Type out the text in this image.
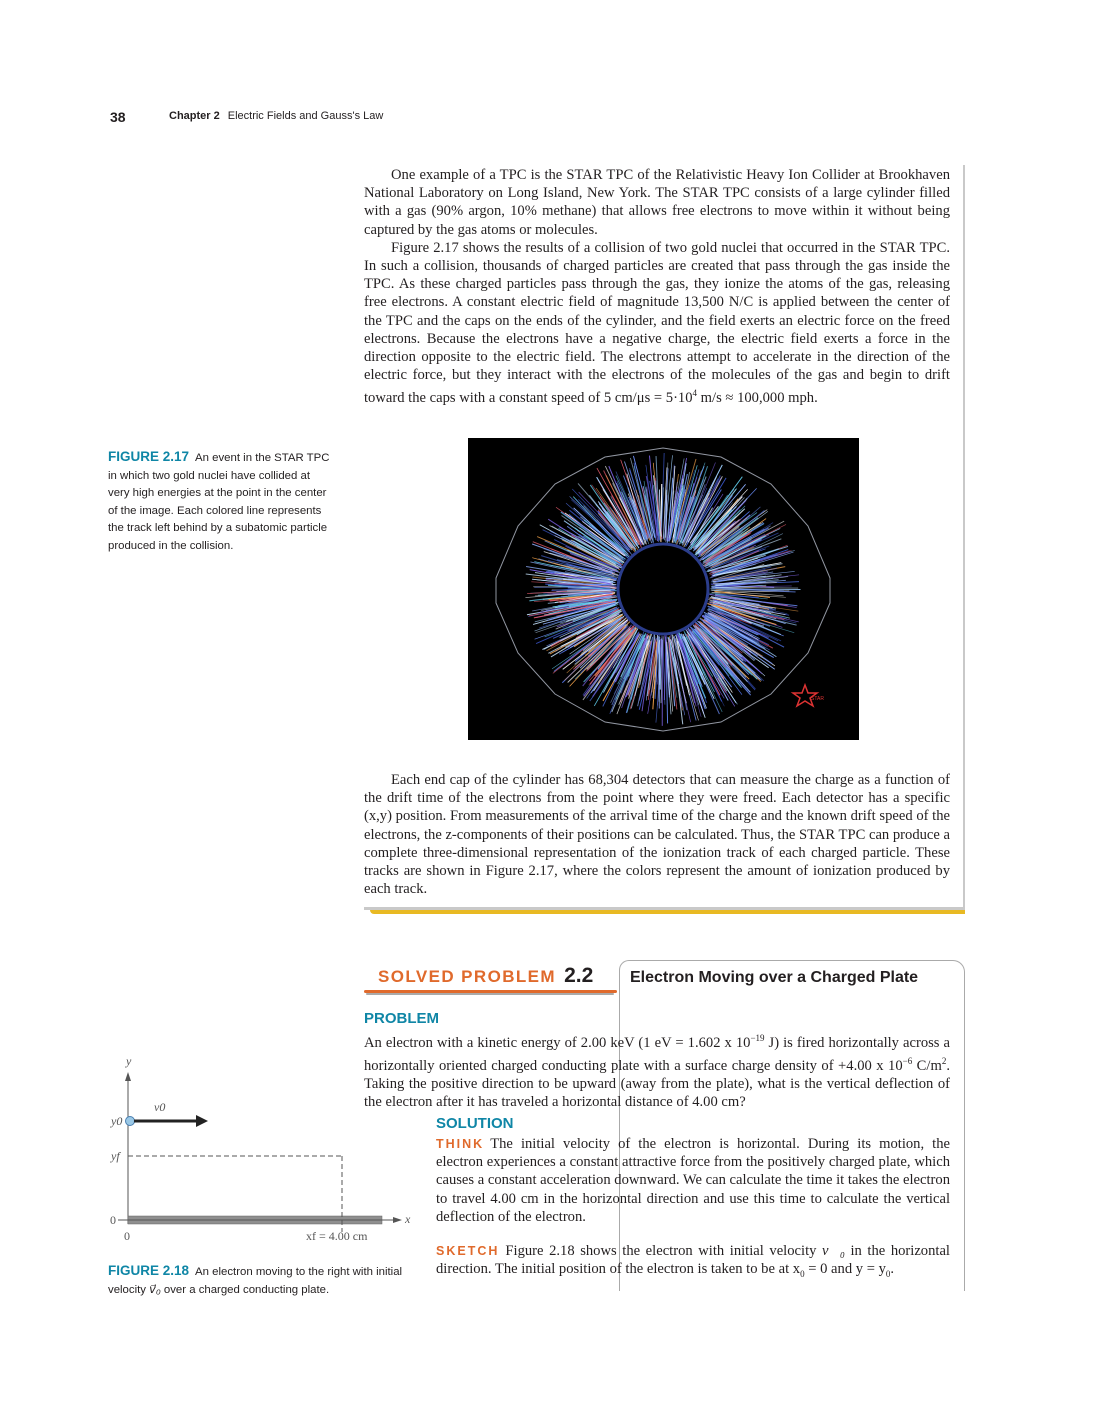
38	Chapter 2 Electric Fields and Gauss's Law

One example of a TPC is the STAR TPC of the Relativistic Heavy Ion Collider at Brookhaven National Laboratory on Long Island, New York. The STAR TPC consists of a large cylinder filled with a gas (90% argon, 10% methane) that allows free electrons to move within it without being captured by the gas atoms or molecules.

Figure 2.17 shows the results of a collision of two gold nuclei that occurred in the STAR TPC. In such a collision, thousands of charged particles are created that pass through the gas inside the TPC. As these charged particles pass through the gas, they ionize the atoms of the gas, releasing free electrons. A constant electric field of magnitude 13,500 N/C is applied between the center of the TPC and the caps on the ends of the cylinder, and the field exerts an electric force on the freed electrons. Because the electrons have a negative charge, the electric field exerts a force in the direction opposite to the electric field. The electrons attempt to accelerate in the direction of the electric force, but they interact with the electrons of the molecules of the gas and begin to drift toward the caps with a constant speed of 5 $cm/\mu s = 5\cdot 10^4$ m/s ≈ 100,000 mph.

STAR

Each end cap of the cylinder has 68,304 detectors that can measure the charge as a function of the drift time of the electrons from the point where they were freed. Each detector has a specific (x,y) position. From measurements of the arrival time of the charge and the known drift speed of the electrons, the z-components of their positions can be calculated. Thus, the STAR TPC can produce a complete three-dimensional representation of the ionization track of each charged particle. These tracks are shown in Figure 2.17, where the colors represent the amount of ionization produced by each track.

FIGURE 2.17 An event in the STAR TPC in which two gold nuclei have collided at very high energies at the point in the center of the image. Each colored line represents the track left behind by a subatomic particle produced in the collision.
SOLVED PROBLEM 2.2 Electron Moving over a Charged Plate
PROBLEM

An electron with a kinetic energy of 2.00 keV (1 eV = 1.602 x $10^{-19}$ J) is fired horizontally across a horizontally oriented charged conducting plate with a surface charge density of +4.00 x $10^{-6}$ $C/m^2$. Taking the positive direction to be upward (away from the plate), what is the vertical deflection of the electron after it has traveled a horizontal distance of 4.00 cm?

SOLUTION

THINK The initial velocity of the electron is horizontal. During its motion, the electron experiences a constant attractive force from the positively charged plate, which causes a constant acceleration downward. We can calculate the time it takes the electron to travel 4.00 cm in the horizontal direction and use this time to calculate the vertical deflection of the electron.

SKETCH Figure 2.18 shows the electron with initial velocity v⃗₀ in the horizontal direction. The initial position of the electron is taken to be at $x_0 = 0$ and $y = y_0$.

y
x
v0
y0
yf
0
0	xf = 4.00 cm
FIGURE 2.18 An electron moving to the right with initial velocity v⃗₀ over a charged conducting plate.
